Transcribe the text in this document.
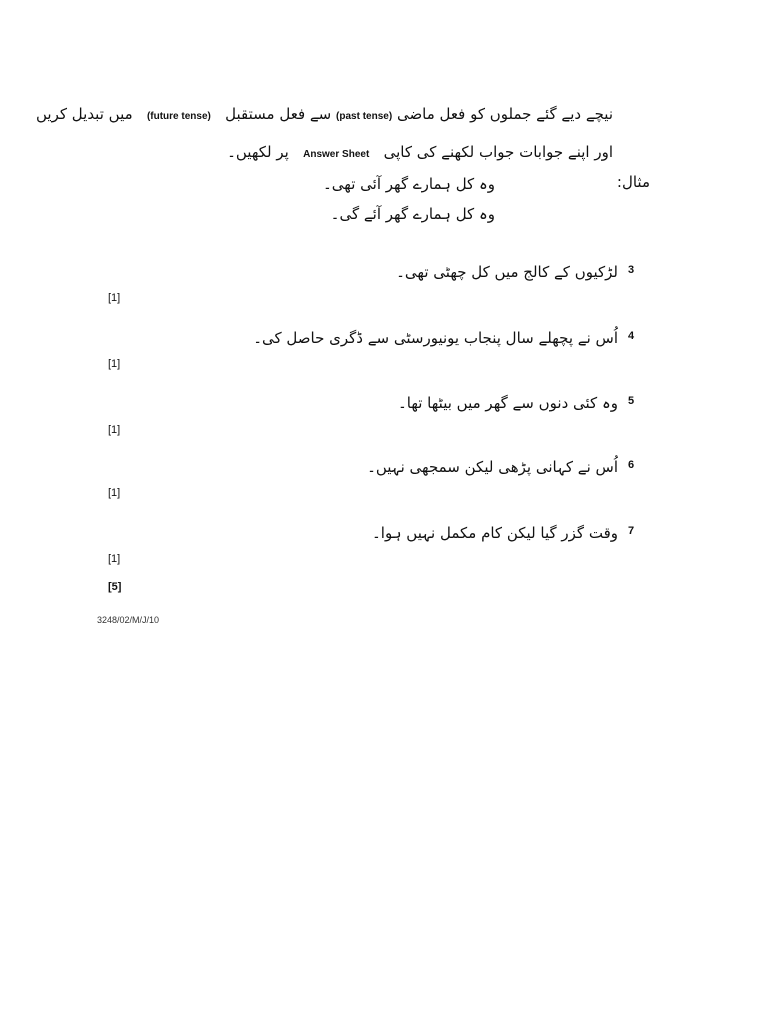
نیچے دیے گئے جملوں کو فعل ماضی (past tense) سے فعل مستقبل   (future tense)   میں تبدیل کریں
اور اپنے جوابات جواب لکھنے کی کاپی   Answer Sheet   پر لکھیں۔
مثال:
وہ کل ہمارے گھر آئی تھی۔
وہ کل ہمارے گھر آئے گی۔
لڑکیوں کے کالج میں کل چھٹی تھی۔ 3
[1]
اُس نے پچھلے سال پنجاب یونیورسٹی سے ڈگری حاصل کی۔ 4
[1]
وہ کئی دنوں سے گھر میں بیٹھا تھا۔ 5
[1]
اُس نے کہانی پڑھی لیکن سمجھی نہیں۔ 6
[1]
وقت گزر گیا لیکن کام مکمل نہیں ہوا۔ 7
[1]
[5]
3248/02/M/J/10
